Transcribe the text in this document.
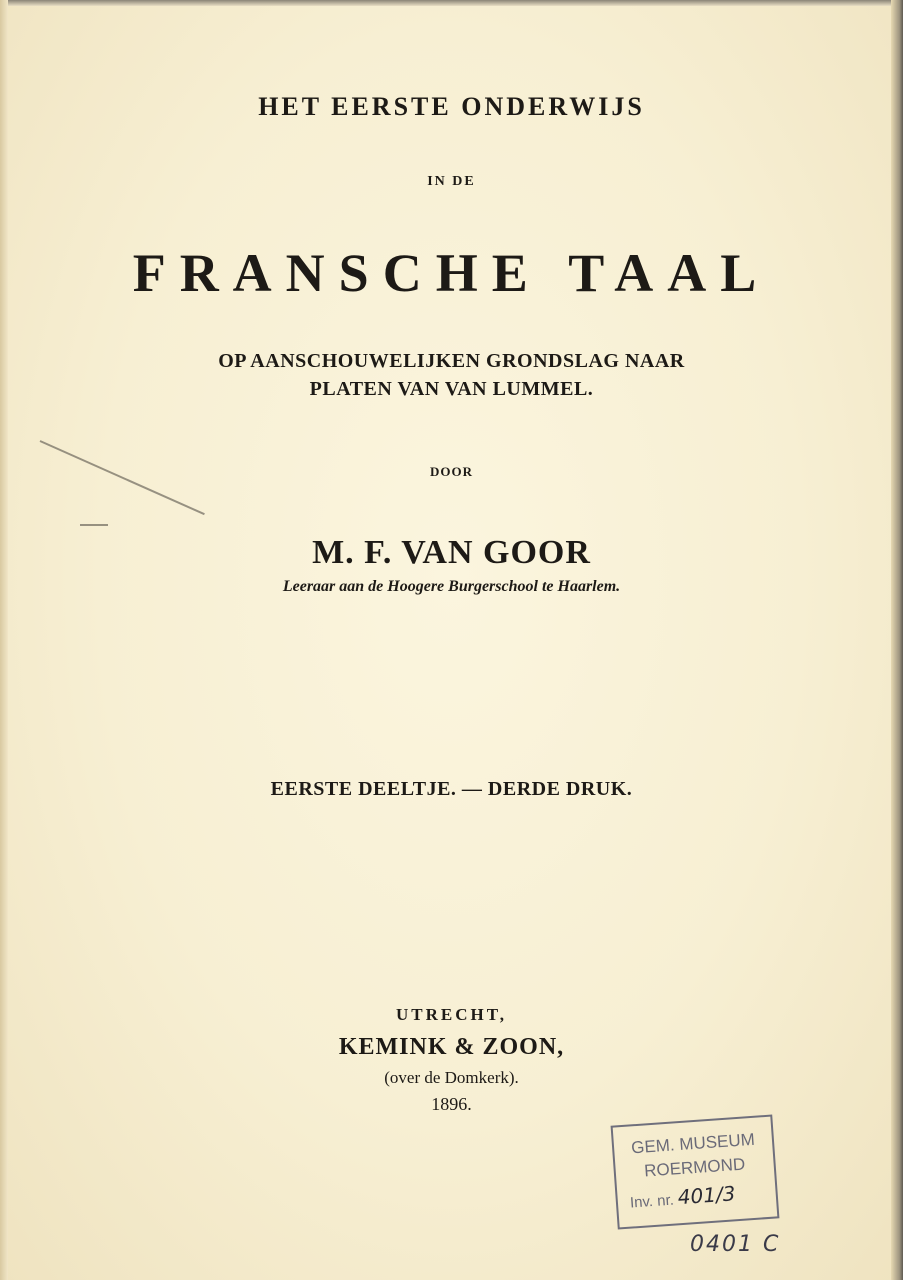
HET EERSTE ONDERWIJS
IN DE
FRANSCHE TAAL
OP AANSCHOUWELIJKEN GRONDSLAG NAAR
PLATEN VAN VAN LUMMEL.
DOOR
M. F. VAN GOOR
Leeraar aan de Hoogere Burgerschool te Haarlem.
EERSTE DEELTJE. — DERDE DRUK.
UTRECHT,
KEMINK & ZOON,
(over de Domkerk).
1896.
GEM. MUSEUM
ROERMOND
Inv. nr. 401/3
0401 C
